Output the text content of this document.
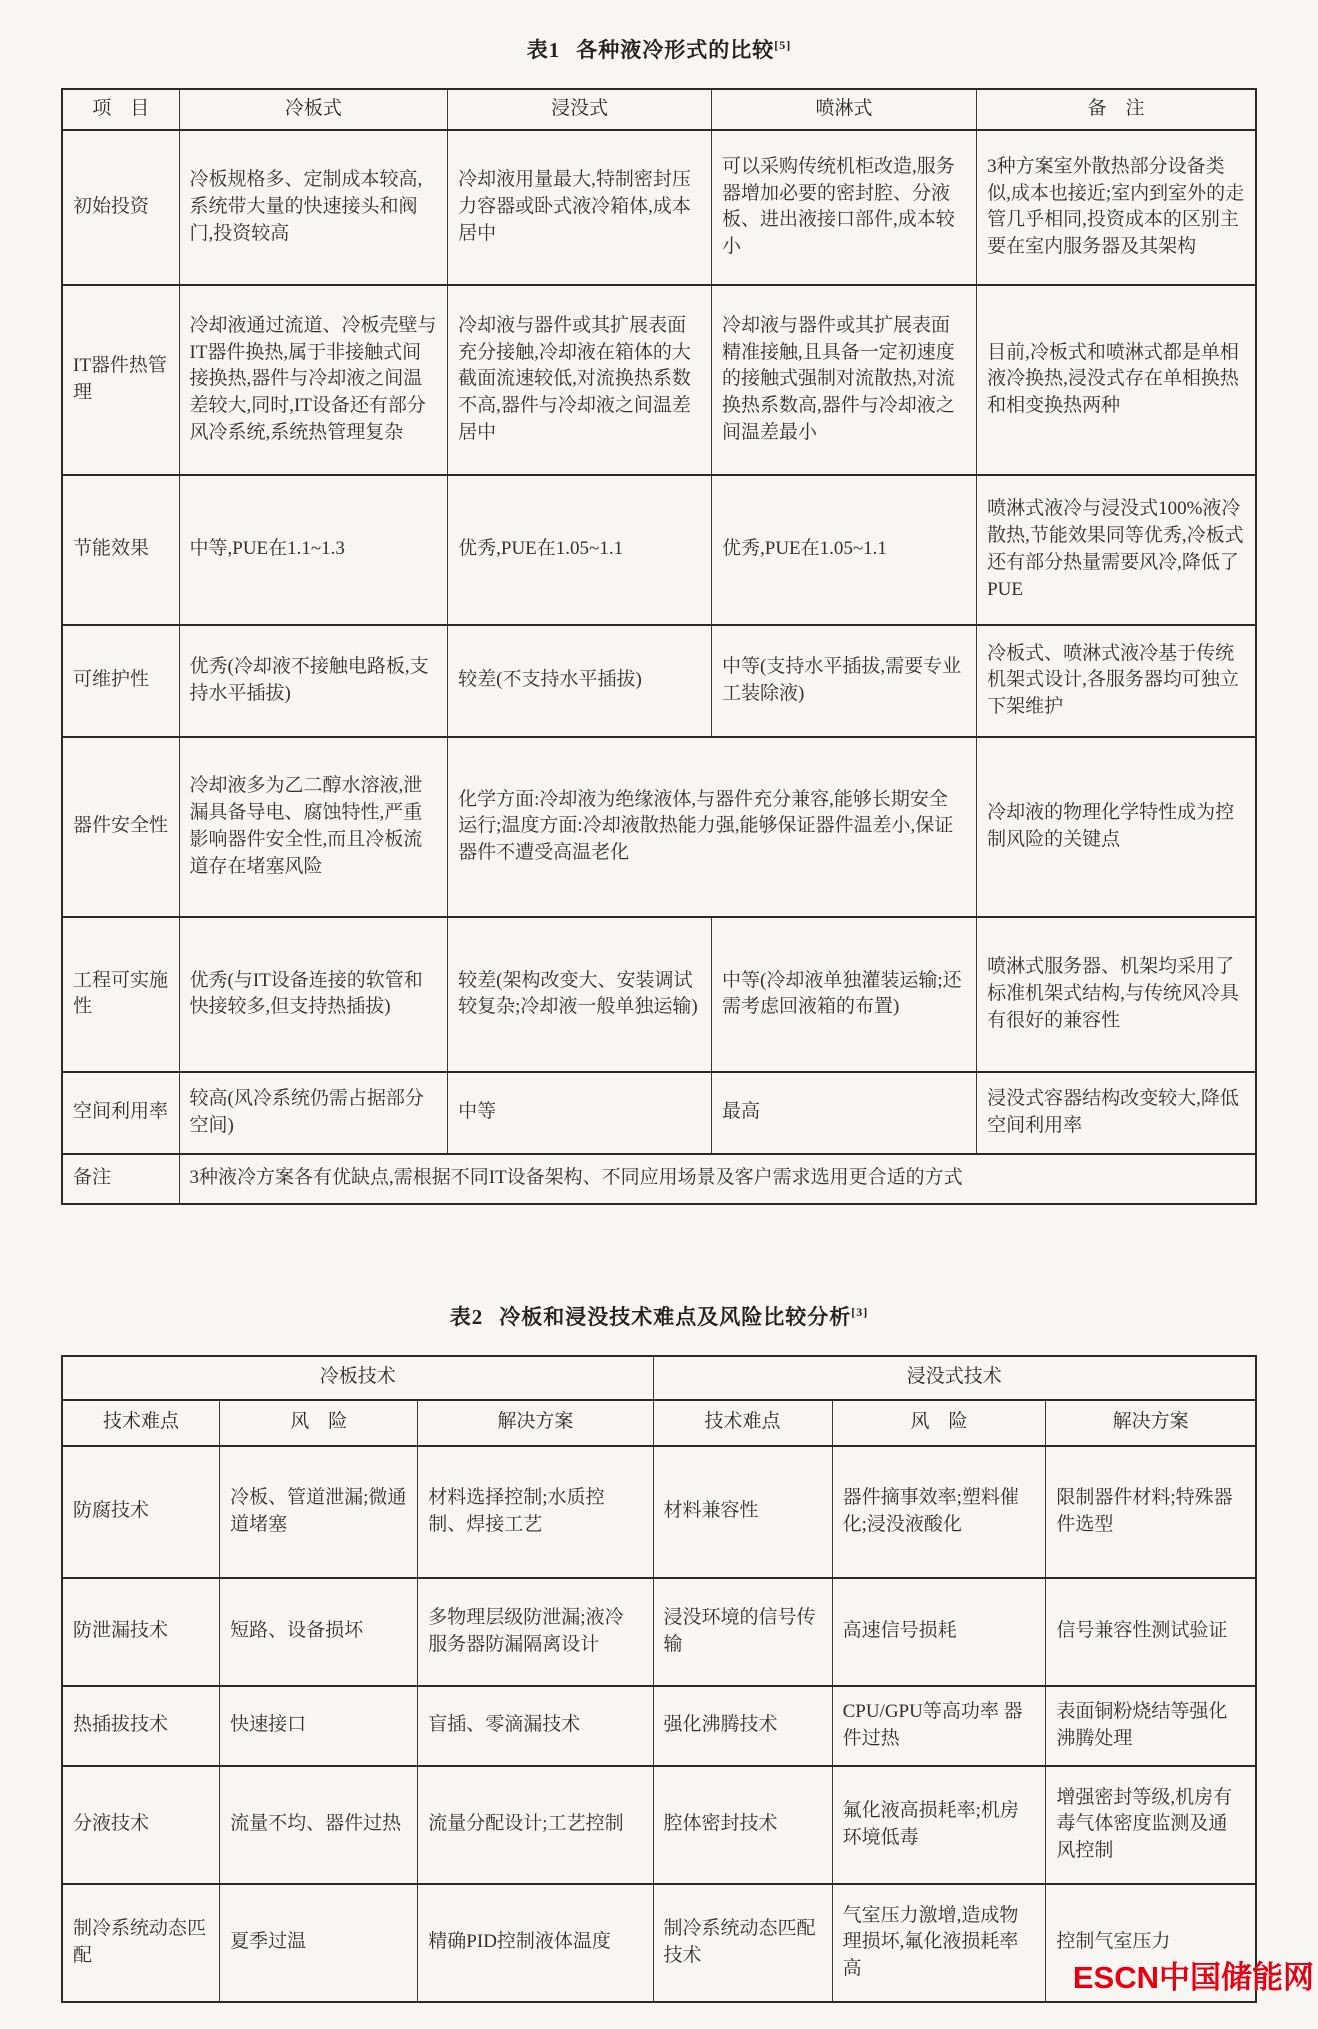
表1 各种液冷形式的比较[5]
项　目	冷板式	浸没式	喷淋式	备　注
初始投资	冷板规格多、定制成本较高,系统带大量的快速接头和阀门,投资较高	冷却液用量最大,特制密封压力容器或卧式液冷箱体,成本居中	可以采购传统机柜改造,服务器增加必要的密封腔、分液板、进出液接口部件,成本较小	3种方案室外散热部分设备类似,成本也接近;室内到室外的走管几乎相同,投资成本的区别主要在室内服务器及其架构
IT器件热管理	冷却液通过流道、冷板壳壁与IT器件换热,属于非接触式间接换热,器件与冷却液之间温差较大,同时,IT设备还有部分风冷系统,系统热管理复杂	冷却液与器件或其扩展表面充分接触,冷却液在箱体的大截面流速较低,对流换热系数不高,器件与冷却液之间温差居中	冷却液与器件或其扩展表面精准接触,且具备一定初速度的接触式强制对流散热,对流换热系数高,器件与冷却液之间温差最小	目前,冷板式和喷淋式都是单相液冷换热,浸没式存在单相换热和相变换热两种
节能效果	中等,PUE在1.1~1.3	优秀,PUE在1.05~1.1	优秀,PUE在1.05~1.1	喷淋式液冷与浸没式100%液冷散热,节能效果同等优秀,冷板式还有部分热量需要风冷,降低了PUE
可维护性	优秀(冷却液不接触电路板,支持水平插拔)	较差(不支持水平插拔)	中等(支持水平插拔,需要专业工装除液)	冷板式、喷淋式液冷基于传统机架式设计,各服务器均可独立下架维护
器件安全性	冷却液多为乙二醇水溶液,泄漏具备导电、腐蚀特性,严重影响器件安全性,而且冷板流道存在堵塞风险	化学方面:冷却液为绝缘液体,与器件充分兼容,能够长期安全运行;温度方面:冷却液散热能力强,能够保证器件温差小,保证器件不遭受高温老化		冷却液的物理化学特性成为控制风险的关键点
工程可实施性	优秀(与IT设备连接的软管和快接较多,但支持热插拔)	较差(架构改变大、安装调试较复杂;冷却液一般单独运输)	中等(冷却液单独灌装运输;还需考虑回液箱的布置)	喷淋式服务器、机架均采用了标准机架式结构,与传统风冷具有很好的兼容性
空间利用率	较高(风冷系统仍需占据部分空间)	中等	最高	浸没式容器结构改变较大,降低空间利用率
备注	3种液冷方案各有优缺点,需根据不同IT设备架构、不同应用场景及客户需求选用更合适的方式			
表2 冷板和浸没技术难点及风险比较分析[3]
冷板技术			浸没式技术		
技术难点	风　险	解决方案	技术难点	风　险	解决方案
防腐技术	冷板、管道泄漏;微通道堵塞	材料选择控制;水质控制、焊接工艺	材料兼容性	器件摘事效率;塑料催化;浸没液酸化	限制器件材料;特殊器件选型
防泄漏技术	短路、设备损坏	多物理层级防泄漏;液冷服务器防漏隔离设计	浸没环境的信号传输	高速信号损耗	信号兼容性测试验证
热插拔技术	快速接口	盲插、零滴漏技术	强化沸腾技术	CPU/GPU等高功率 器件过热	表面铜粉烧结等强化沸腾处理
分液技术	流量不均、器件过热	流量分配设计;工艺控制	腔体密封技术	氟化液高损耗率;机房环境低毒	增强密封等级,机房有毒气体密度监测及通风控制
制冷系统动态匹配	夏季过温	精确PID控制液体温度	制冷系统动态匹配技术	气室压力激增,造成物理损坏,氟化液损耗率高	控制气室压力
ESCN中国储能网
